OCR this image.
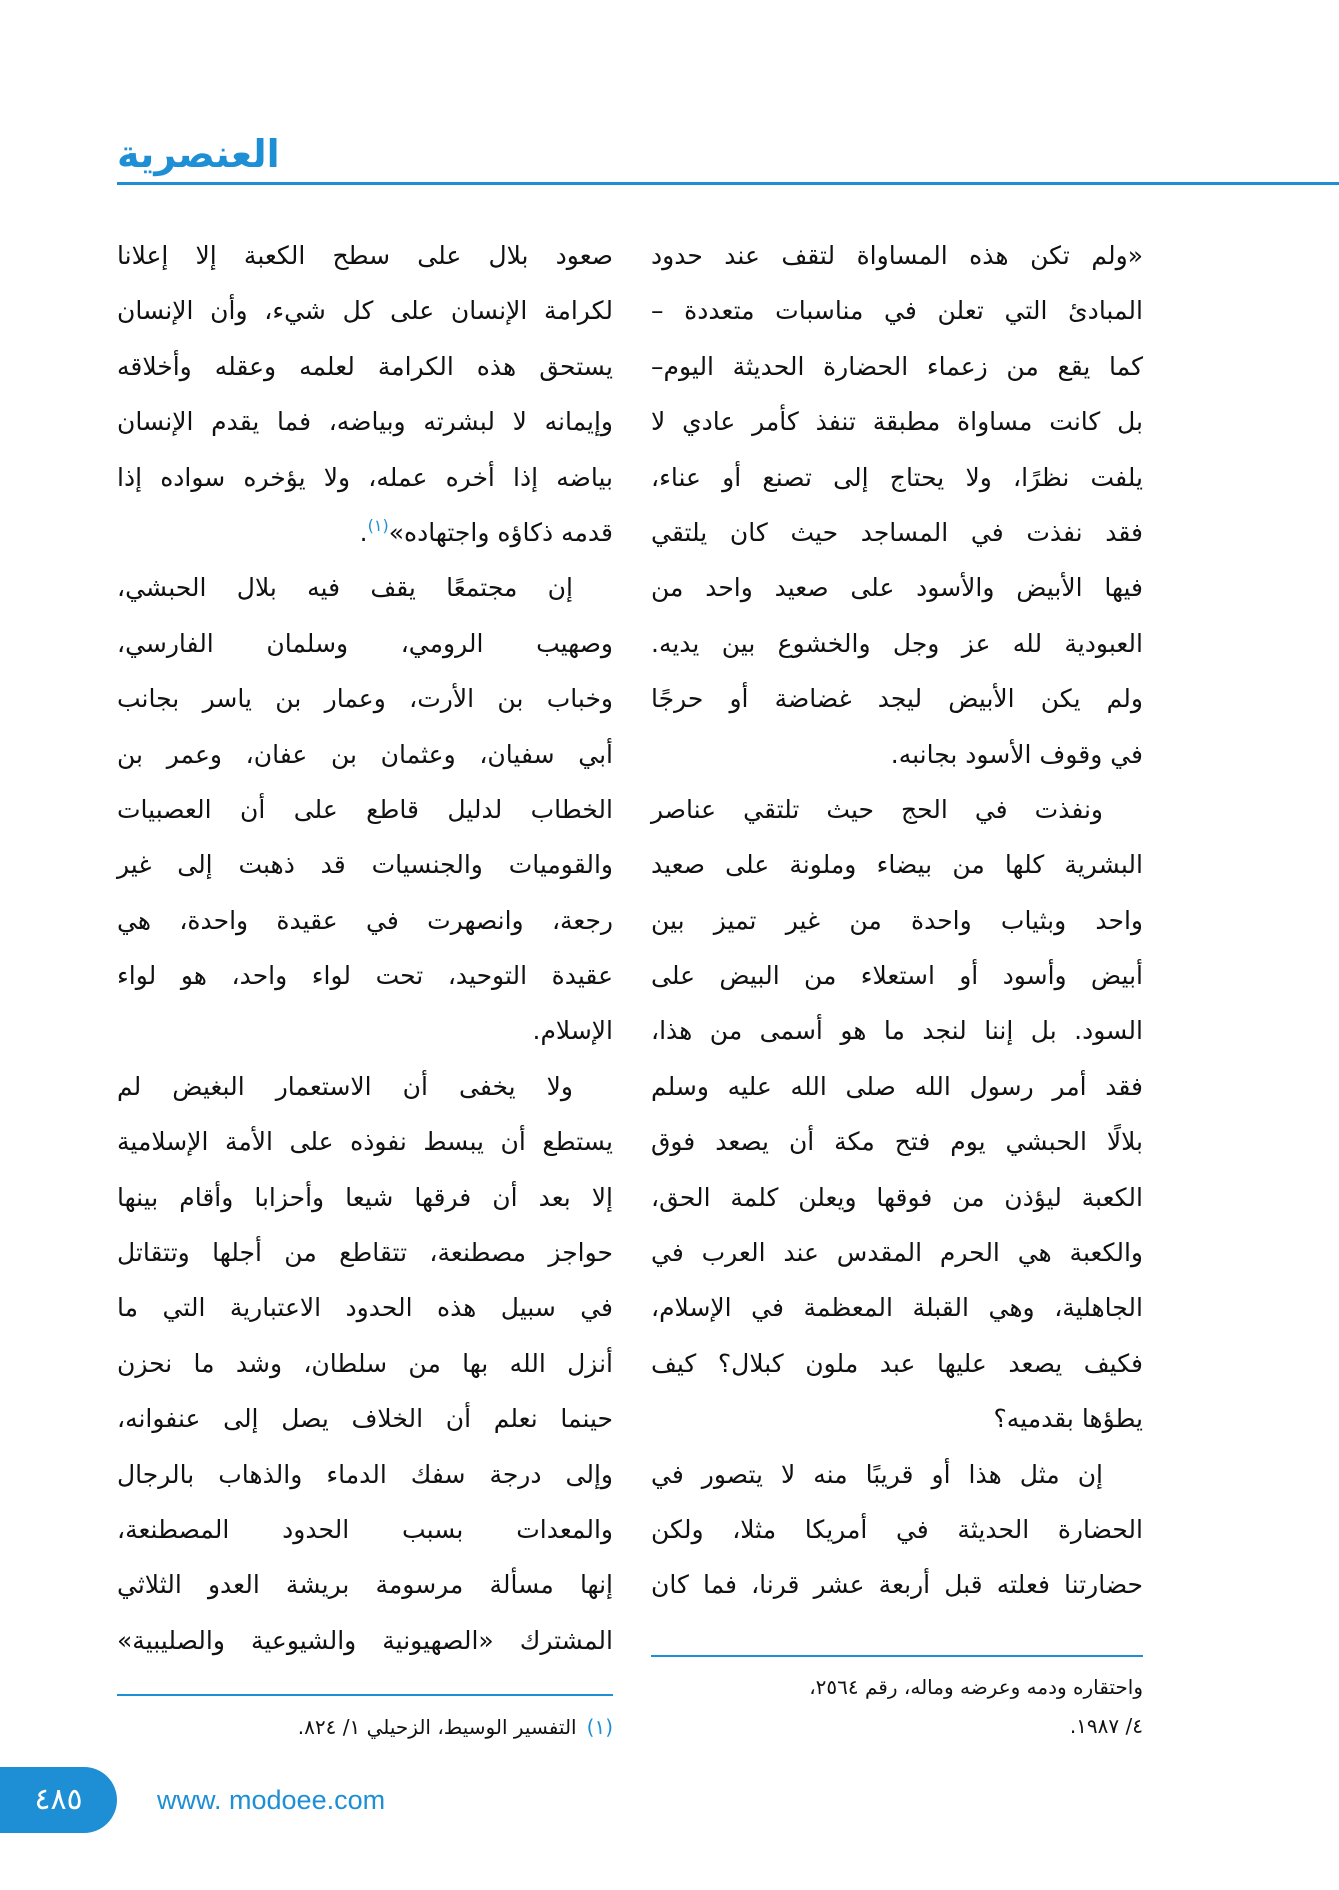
العنصرية
«ولم تكن هذه المساواة لتقف عند حدود
المبادئ التي تعلن في مناسبات متعددة –
كما يقع من زعماء الحضارة الحديثة اليوم–
بل كانت مساواة مطبقة تنفذ كأمر عادي لا
يلفت نظرًا، ولا يحتاج إلى تصنع أو عناء،
فقد نفذت في المساجد حيث كان يلتقي
فيها الأبيض والأسود على صعيد واحد من
العبودية لله عز وجل والخشوع بين يديه.
ولم يكن الأبيض ليجد غضاضة أو حرجًا
في وقوف الأسود بجانبه.
ونفذت في الحج حيث تلتقي عناصر
البشرية كلها من بيضاء وملونة على صعيد
واحد وبثياب واحدة من غير تميز بين
أبيض وأسود أو استعلاء من البيض على
السود. بل إننا لنجد ما هو أسمى من هذا،
فقد أمر رسول الله صلى الله عليه وسلم
بلالًا الحبشي يوم فتح مكة أن يصعد فوق
الكعبة ليؤذن من فوقها ويعلن كلمة الحق،
والكعبة هي الحرم المقدس عند العرب في
الجاهلية، وهي القبلة المعظمة في الإسلام،
فكيف يصعد عليها عبد ملون كبلال؟ كيف
يطؤها بقدميه؟
إن مثل هذا أو قريبًا منه لا يتصور في
الحضارة الحديثة في أمريكا مثلا، ولكن
حضارتنا فعلته قبل أربعة عشر قرنا، فما كان
صعود بلال على سطح الكعبة إلا إعلانا
لكرامة الإنسان على كل شيء، وأن الإنسان
يستحق هذه الكرامة لعلمه وعقله وأخلاقه
وإيمانه لا لبشرته وبياضه، فما يقدم الإنسان
بياضه إذا أخره عمله، ولا يؤخره سواده إذا
قدمه ذكاؤه واجتهاده»$^{(١)}$.
إن مجتمعًا يقف فيه بلال الحبشي،
وصهيب الرومي، وسلمان الفارسي،
وخباب بن الأرت، وعمار بن ياسر بجانب
أبي سفيان، وعثمان بن عفان، وعمر بن
الخطاب لدليل قاطع على أن العصبيات
والقوميات والجنسيات قد ذهبت إلى غير
رجعة، وانصهرت في عقيدة واحدة، هي
عقيدة التوحيد، تحت لواء واحد، هو لواء
الإسلام.
ولا يخفى أن الاستعمار البغيض لم
يستطع أن يبسط نفوذه على الأمة الإسلامية
إلا بعد أن فرقها شيعا وأحزابا وأقام بينها
حواجز مصطنعة، تتقاطع من أجلها وتتقاتل
في سبيل هذه الحدود الاعتبارية التي ما
أنزل الله بها من سلطان، وشد ما نحزن
حينما نعلم أن الخلاف يصل إلى عنفوانه،
وإلى درجة سفك الدماء والذهاب بالرجال
والمعدات بسبب الحدود المصطنعة،
إنها مسألة مرسومة بريشة العدو الثلاثي
المشترك «الصهيونية والشيوعية والصليبية»
واحتقاره ودمه وعرضه وماله، رقم ٢٥٦٤،
٤/ ١٩٨٧.
(١)التفسير الوسيط، الزحيلي ١/ ٨٢٤.
٤٨٥	www. modoee.com
